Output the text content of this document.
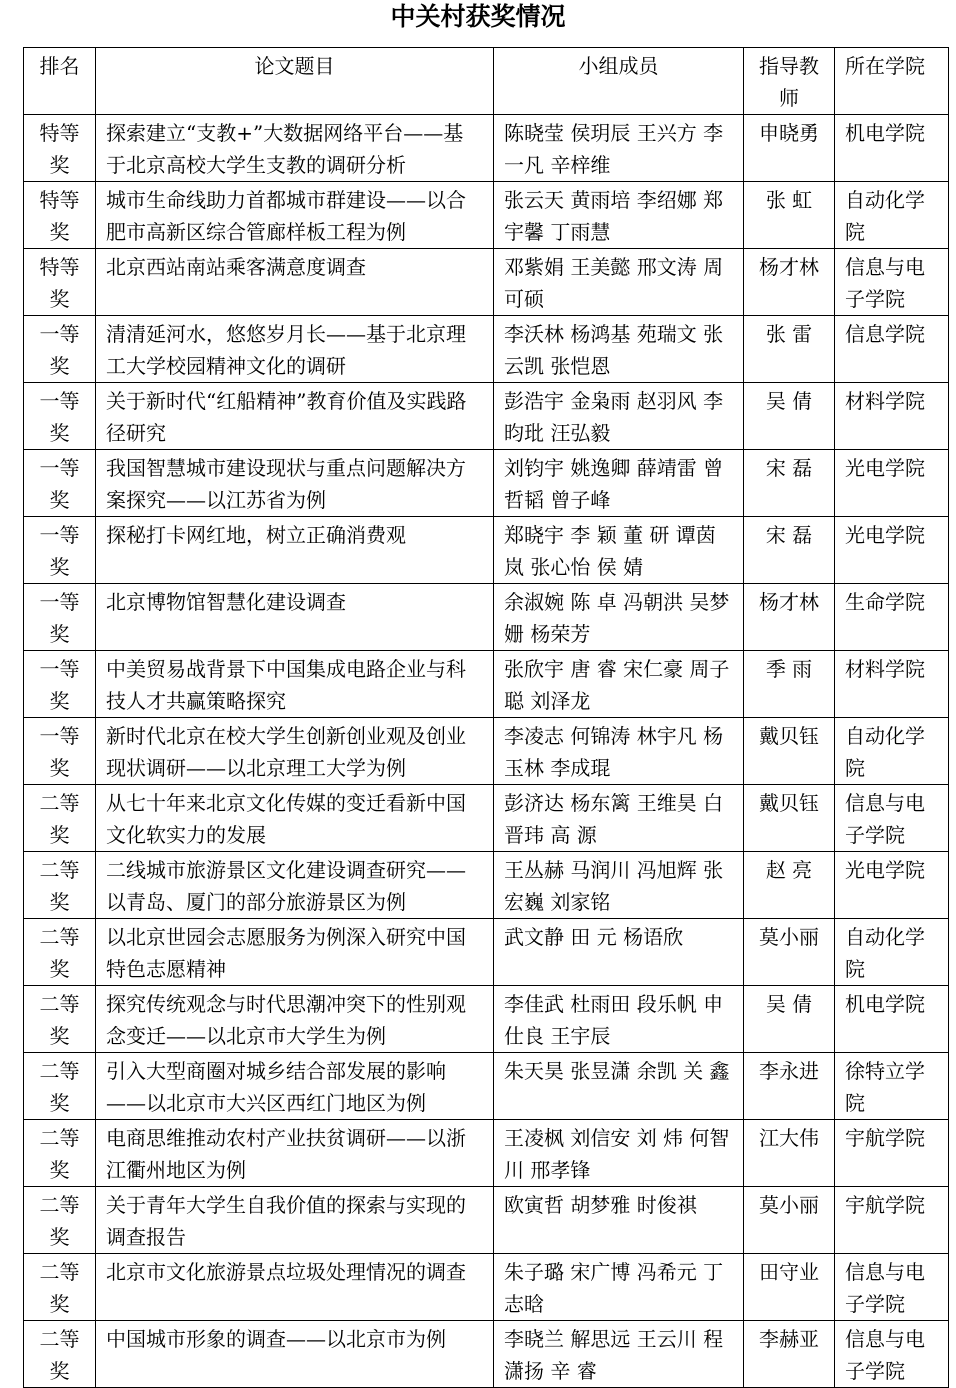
中关村获奖情况
排名	论文题目	小组成员	指导教师	所在学院

特等奖	探索建立“支教+”大数据网络平台——基于北京高校大学生支教的调研分析	陈晓莹 侯玥辰 王兴方 李一凡 辛梓维	申晓勇	机电学院

特等奖	城市生命线助力首都城市群建设——以合肥市高新区综合管廊样板工程为例	张云天 黄雨培 李绍娜 郑宇馨 丁雨慧	张 虹	自动化学院

特等奖	北京西站南站乘客满意度调查	邓紫娟 王美懿 邢文涛 周可硕	杨才林	信息与电子学院

一等奖	清清延河水，悠悠岁月长——基于北京理工大学校园精神文化的调研	李沃林 杨鸿基 苑瑞文 张云凯 张恺恩	张 雷	信息学院

一等奖	关于新时代“红船精神”教育价值及实践路径研究	彭浩宇 金枭雨 赵羽风 李昀玭 汪弘毅	吴 倩	材料学院

一等奖	我国智慧城市建设现状与重点问题解决方案探究——以江苏省为例	刘钧宇 姚逸卿 薛靖雷 曾哲韬 曾子峰	宋 磊	光电学院

一等奖	探秘打卡网红地，树立正确消费观	郑晓宇 李 颖 董 研 谭茵岚 张心怡 侯 婧	宋 磊	光电学院

一等奖	北京博物馆智慧化建设调查	余淑婉 陈 卓 冯朝洪 吴梦姗 杨荣芳	杨才林	生命学院

一等奖	中美贸易战背景下中国集成电路企业与科技人才共赢策略探究	张欣宇 唐 睿 宋仁豪 周子聪 刘泽龙	季 雨	材料学院

一等奖	新时代北京在校大学生创新创业观及创业现状调研——以北京理工大学为例	李凌志 何锦涛 林宇凡 杨玉林 李成琨	戴贝钰	自动化学院

二等奖	从七十年来北京文化传媒的变迁看新中国文化软实力的发展	彭济达 杨东篱 王维昊 白晋玮 高 源	戴贝钰	信息与电子学院

二等奖	二线城市旅游景区文化建设调查研究——以青岛、厦门的部分旅游景区为例	王丛赫 马润川 冯旭辉 张宏巍 刘家铭	赵 亮	光电学院

二等奖	以北京世园会志愿服务为例深入研究中国特色志愿精神	武文静 田 元 杨语欣	莫小丽	自动化学院

二等奖	探究传统观念与时代思潮冲突下的性别观念变迁——以北京市大学生为例	李佳武 杜雨田 段乐帆 申仕良 王宇辰	吴 倩	机电学院

二等奖	引入大型商圈对城乡结合部发展的影响——以北京市大兴区西红门地区为例	朱天昊 张昱潇 余凯 关 鑫	李永进	徐特立学院

二等奖	电商思维推动农村产业扶贫调研——以浙江衢州地区为例	王凌枫 刘信安 刘 炜 何智川 邢孝锋	江大伟	宇航学院

二等奖	关于青年大学生自我价值的探索与实现的调查报告	欧寅哲 胡梦雅 时俊祺	莫小丽	宇航学院

二等奖	北京市文化旅游景点垃圾处理情况的调查	朱子璐 宋广博 冯希元 丁志晗	田守业	信息与电子学院

二等奖	中国城市形象的调查——以北京市为例	李晓兰 解思远 王云川 程潇扬 辛 睿	李赫亚	信息与电子学院
